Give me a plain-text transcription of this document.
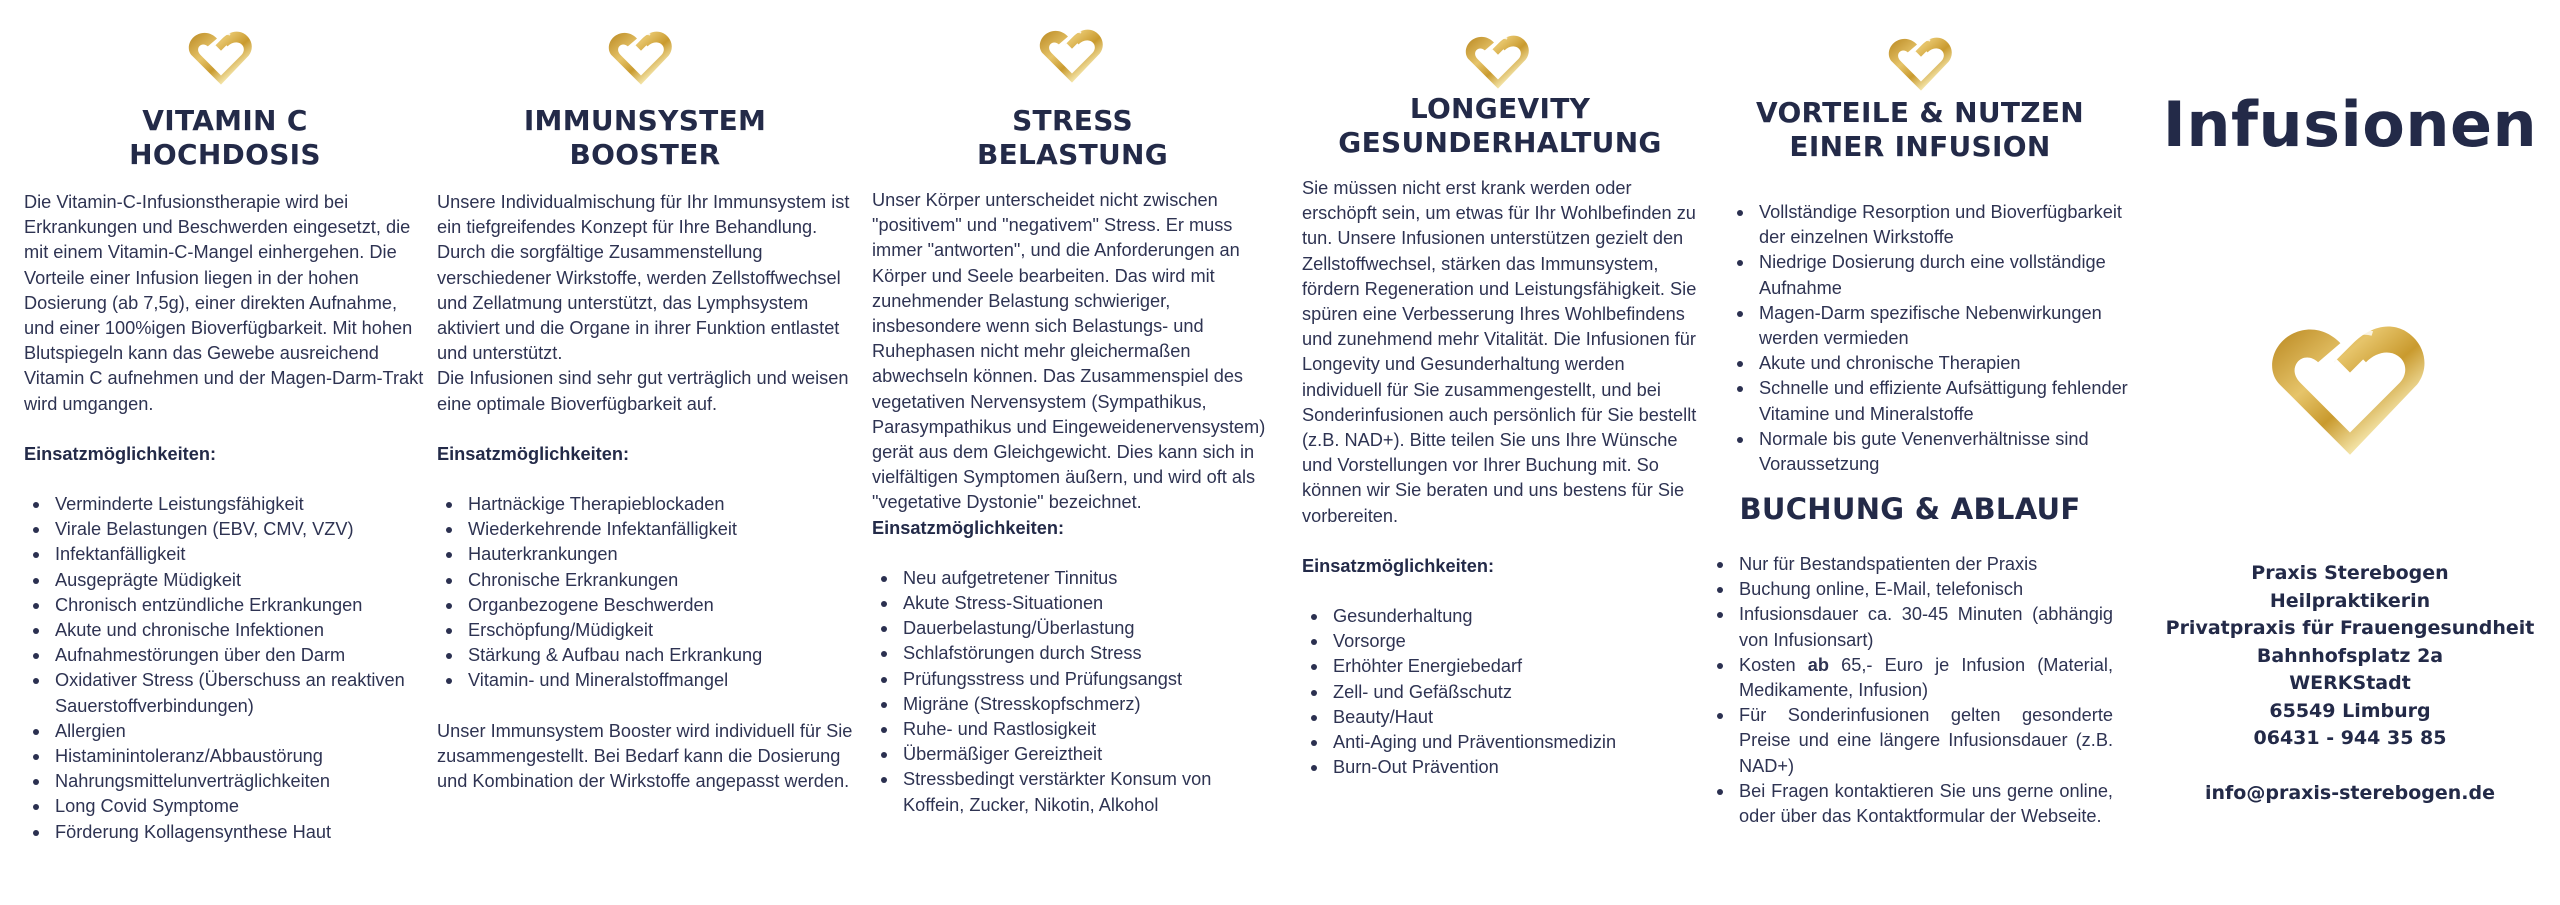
VITAMIN C
HOCHDOSIS

Die Vitamin-C-Infusionstherapie wird bei Erkrankungen und Beschwerden eingesetzt, die mit einem Vitamin-C-Mangel einhergehen. Die Vorteile einer Infusion liegen in der hohen Dosierung (ab 7,5g), einer direkten Aufnahme, und einer 100%igen Bioverfügbarkeit. Mit hohen Blutspiegeln kann das Gewebe ausreichend Vitamin C aufnehmen und der Magen-Darm-Trakt wird umgangen.

Einsatzmöglichkeiten:

Verminderte Leistungsfähigkeit
Virale Belastungen (EBV, CMV, VZV)
Infektanfälligkeit
Ausgeprägte Müdigkeit
Chronisch entzündliche Erkrankungen
Akute und chronische Infektionen
Aufnahmestörungen über den Darm
Oxidativer Stress (Überschuss an reaktiven Sauerstoffverbindungen)
Allergien
Histaminintoleranz/Abbaustörung
Nahrungsmittelunverträglichkeiten
Long Covid Symptome
Förderung Kollagensynthese Haut
IMMUNSYSTEM
BOOSTER

Unsere Individualmischung für Ihr Immunsystem ist ein tiefgreifendes Konzept für Ihre Behandlung. Durch die sorgfältige Zusammenstellung verschiedener Wirkstoffe, werden Zellstoffwechsel und Zellatmung unterstützt, das Lymphsystem aktiviert und die Organe in ihrer Funktion entlastet und unterstützt.

Die Infusionen sind sehr gut verträglich und weisen eine optimale Bioverfügbarkeit auf.

Einsatzmöglichkeiten:

Hartnäckige Therapieblockaden
Wiederkehrende Infektanfälligkeit
Hauterkrankungen
Chronische Erkrankungen
Organbezogene Beschwerden
Erschöpfung/Müdigkeit
Stärkung & Aufbau nach Erkrankung
Vitamin- und Mineralstoffmangel

Unser Immunsystem Booster wird individuell für Sie zusammengestellt. Bei Bedarf kann die Dosierung und Kombination der Wirkstoffe angepasst werden.

STRESS
BELASTUNG

Unser Körper unterscheidet nicht zwischen "positivem" und "negativem" Stress. Er muss immer "antworten", und die Anforderungen an Körper und Seele bearbeiten. Das wird mit zunehmender Belastung schwieriger, insbesondere wenn sich Belastungs- und Ruhephasen nicht mehr gleichermaßen abwechseln können. Das Zusammenspiel des vegetativen Nervensystem (Sympathikus, Parasympathikus und Eingeweidenervensystem) gerät aus dem Gleichgewicht. Dies kann sich in vielfältigen Symptomen äußern, und wird oft als "vegetative Dystonie" bezeichnet.

Einsatzmöglichkeiten:

Neu aufgetretener Tinnitus
Akute Stress-Situationen
Dauerbelastung/Überlastung
Schlafstörungen durch Stress
Prüfungsstress und Prüfungsangst
Migräne (Stresskopfschmerz)
Ruhe- und Rastlosigkeit
Übermäßiger Gereiztheit
Stressbedingt verstärkter Konsum von Koffein, Zucker, Nikotin, Alkohol
LONGEVITY
GESUNDERHALTUNG

Sie müssen nicht erst krank werden oder erschöpft sein, um etwas für Ihr Wohlbefinden zu tun. Unsere Infusionen unterstützen gezielt den Zellstoffwechsel, stärken das Immunsystem, fördern Regeneration und Leistungsfähigkeit. Sie spüren eine Verbesserung Ihres Wohlbefindens und zunehmend mehr Vitalität. Die Infusionen für Longevity und Gesunderhaltung werden individuell für Sie zusammengestellt, und bei Sonderinfusionen auch persönlich für Sie bestellt (z.B. NAD+). Bitte teilen Sie uns Ihre Wünsche und Vorstellungen vor Ihrer Buchung mit. So können wir Sie beraten und uns bestens für Sie vorbereiten.

Einsatzmöglichkeiten:

Gesunderhaltung
Vorsorge
Erhöhter Energiebedarf
Zell- und Gefäßschutz
Beauty/Haut
Anti-Aging und Präventionsmedizin
Burn-Out Prävention
VORTEILE & NUTZEN
EINER INFUSION
Vollständige Resorption und Bioverfügbarkeit der einzelnen Wirkstoffe
Niedrige Dosierung durch eine vollständige Aufnahme
Magen-Darm spezifische Nebenwirkungen werden vermieden
Akute und chronische Therapien
Schnelle und effiziente Aufsättigung fehlender Vitamine und Mineralstoffe
Normale bis gute Venenverhältnisse sind Voraussetzung
BUCHUNG & ABLAUF
Nur für Bestandspatienten der Praxis
Buchung online, E-Mail, telefonisch
Infusionsdauer ca. 30-45 Minuten (abhängig von Infusionsart)
Kosten ab 65,- Euro je Infusion (Material, Medikamente, Infusion)
Für Sonderinfusionen gelten gesonderte Preise und eine längere Infusionsdauer (z.B. NAD+)
Bei Fragen kontaktieren Sie uns gerne online, oder über das Kontaktformular der Webseite.
Infusionen
Praxis Sterebogen
Heilpraktikerin
Privatpraxis für Frauengesundheit
Bahnhofsplatz 2a
WERKStadt
65549 Limburg
06431 - 944 35 85
info@praxis-sterebogen.de
